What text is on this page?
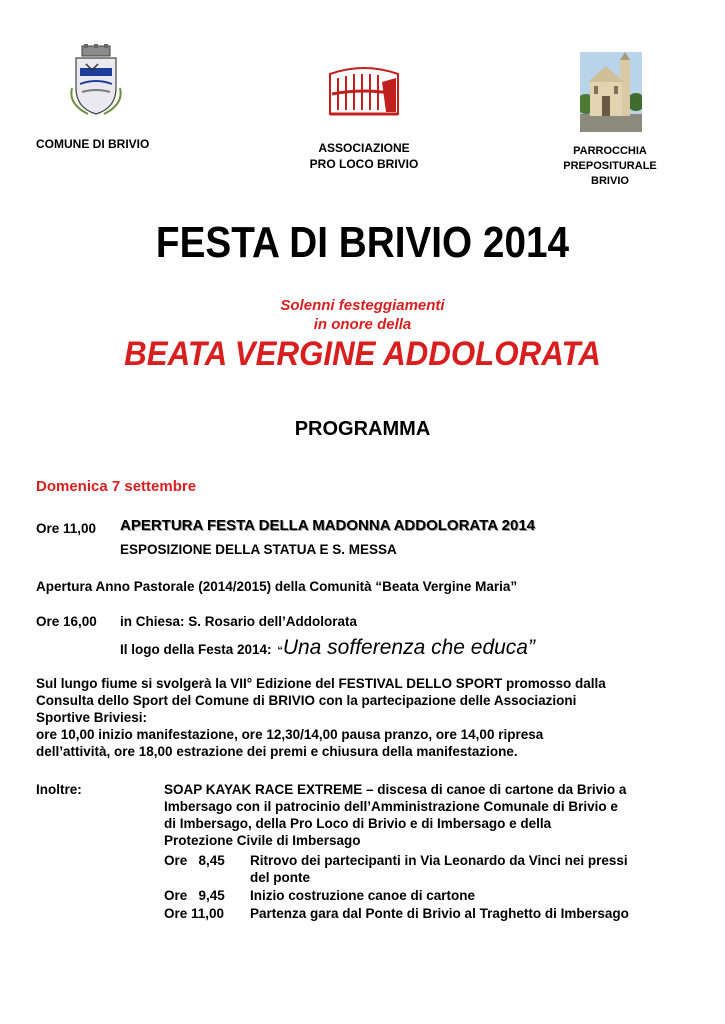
COMUNE DI BRIVIO	ASSOCIAZIONE
PRO LOCO BRIVIO
PARROCCHIA
PREPOSITURALE
BRIVIO
FESTA DI BRIVIO 2014
Solenni festeggiamenti
in onore della
BEATA VERGINE ADDOLORATA
PROGRAMMA
Domenica 7 settembre
Ore 11,00 APERTURA FESTA DELLA MADONNA ADDOLORATA 2014
ESPOSIZIONE DELLA STATUA E S. MESSA
Apertura Anno Pastorale (2014/2015) della Comunità “Beata Vergine Maria”
Ore 16,00 in Chiesa: S. Rosario dell’Addolorata
Il logo della Festa 2014: “Una sofferenza che educa”
Sul lungo fiume si svolgerà la VII° Edizione del FESTIVAL DELLO SPORT promosso dalla
Consulta dello Sport del Comune di BRIVIO con la partecipazione delle Associazioni
Sportive Briviesi:
ore 10,00 inizio manifestazione, ore 12,30/14,00 pausa pranzo, ore 14,00 ripresa
dell’attività, ore 18,00 estrazione dei premi e chiusura della manifestazione.
Inoltre:	SOAP KAYAK RACE EXTREME – discesa di canoe di cartone da Brivio a
Imbersago con il patrocinio dell’Amministrazione Comunale di Brivio e
di Imbersago, della Pro Loco di Brivio e di Imbersago e della
Protezione Civile di Imbersago
Ore   8,45 Ritrovo dei partecipanti in Via Leonardo da Vinci nei pressi
del ponte
Ore   9,45 Inizio costruzione canoe di cartone
Ore 11,00 Partenza gara dal Ponte di Brivio al Traghetto di Imbersago
